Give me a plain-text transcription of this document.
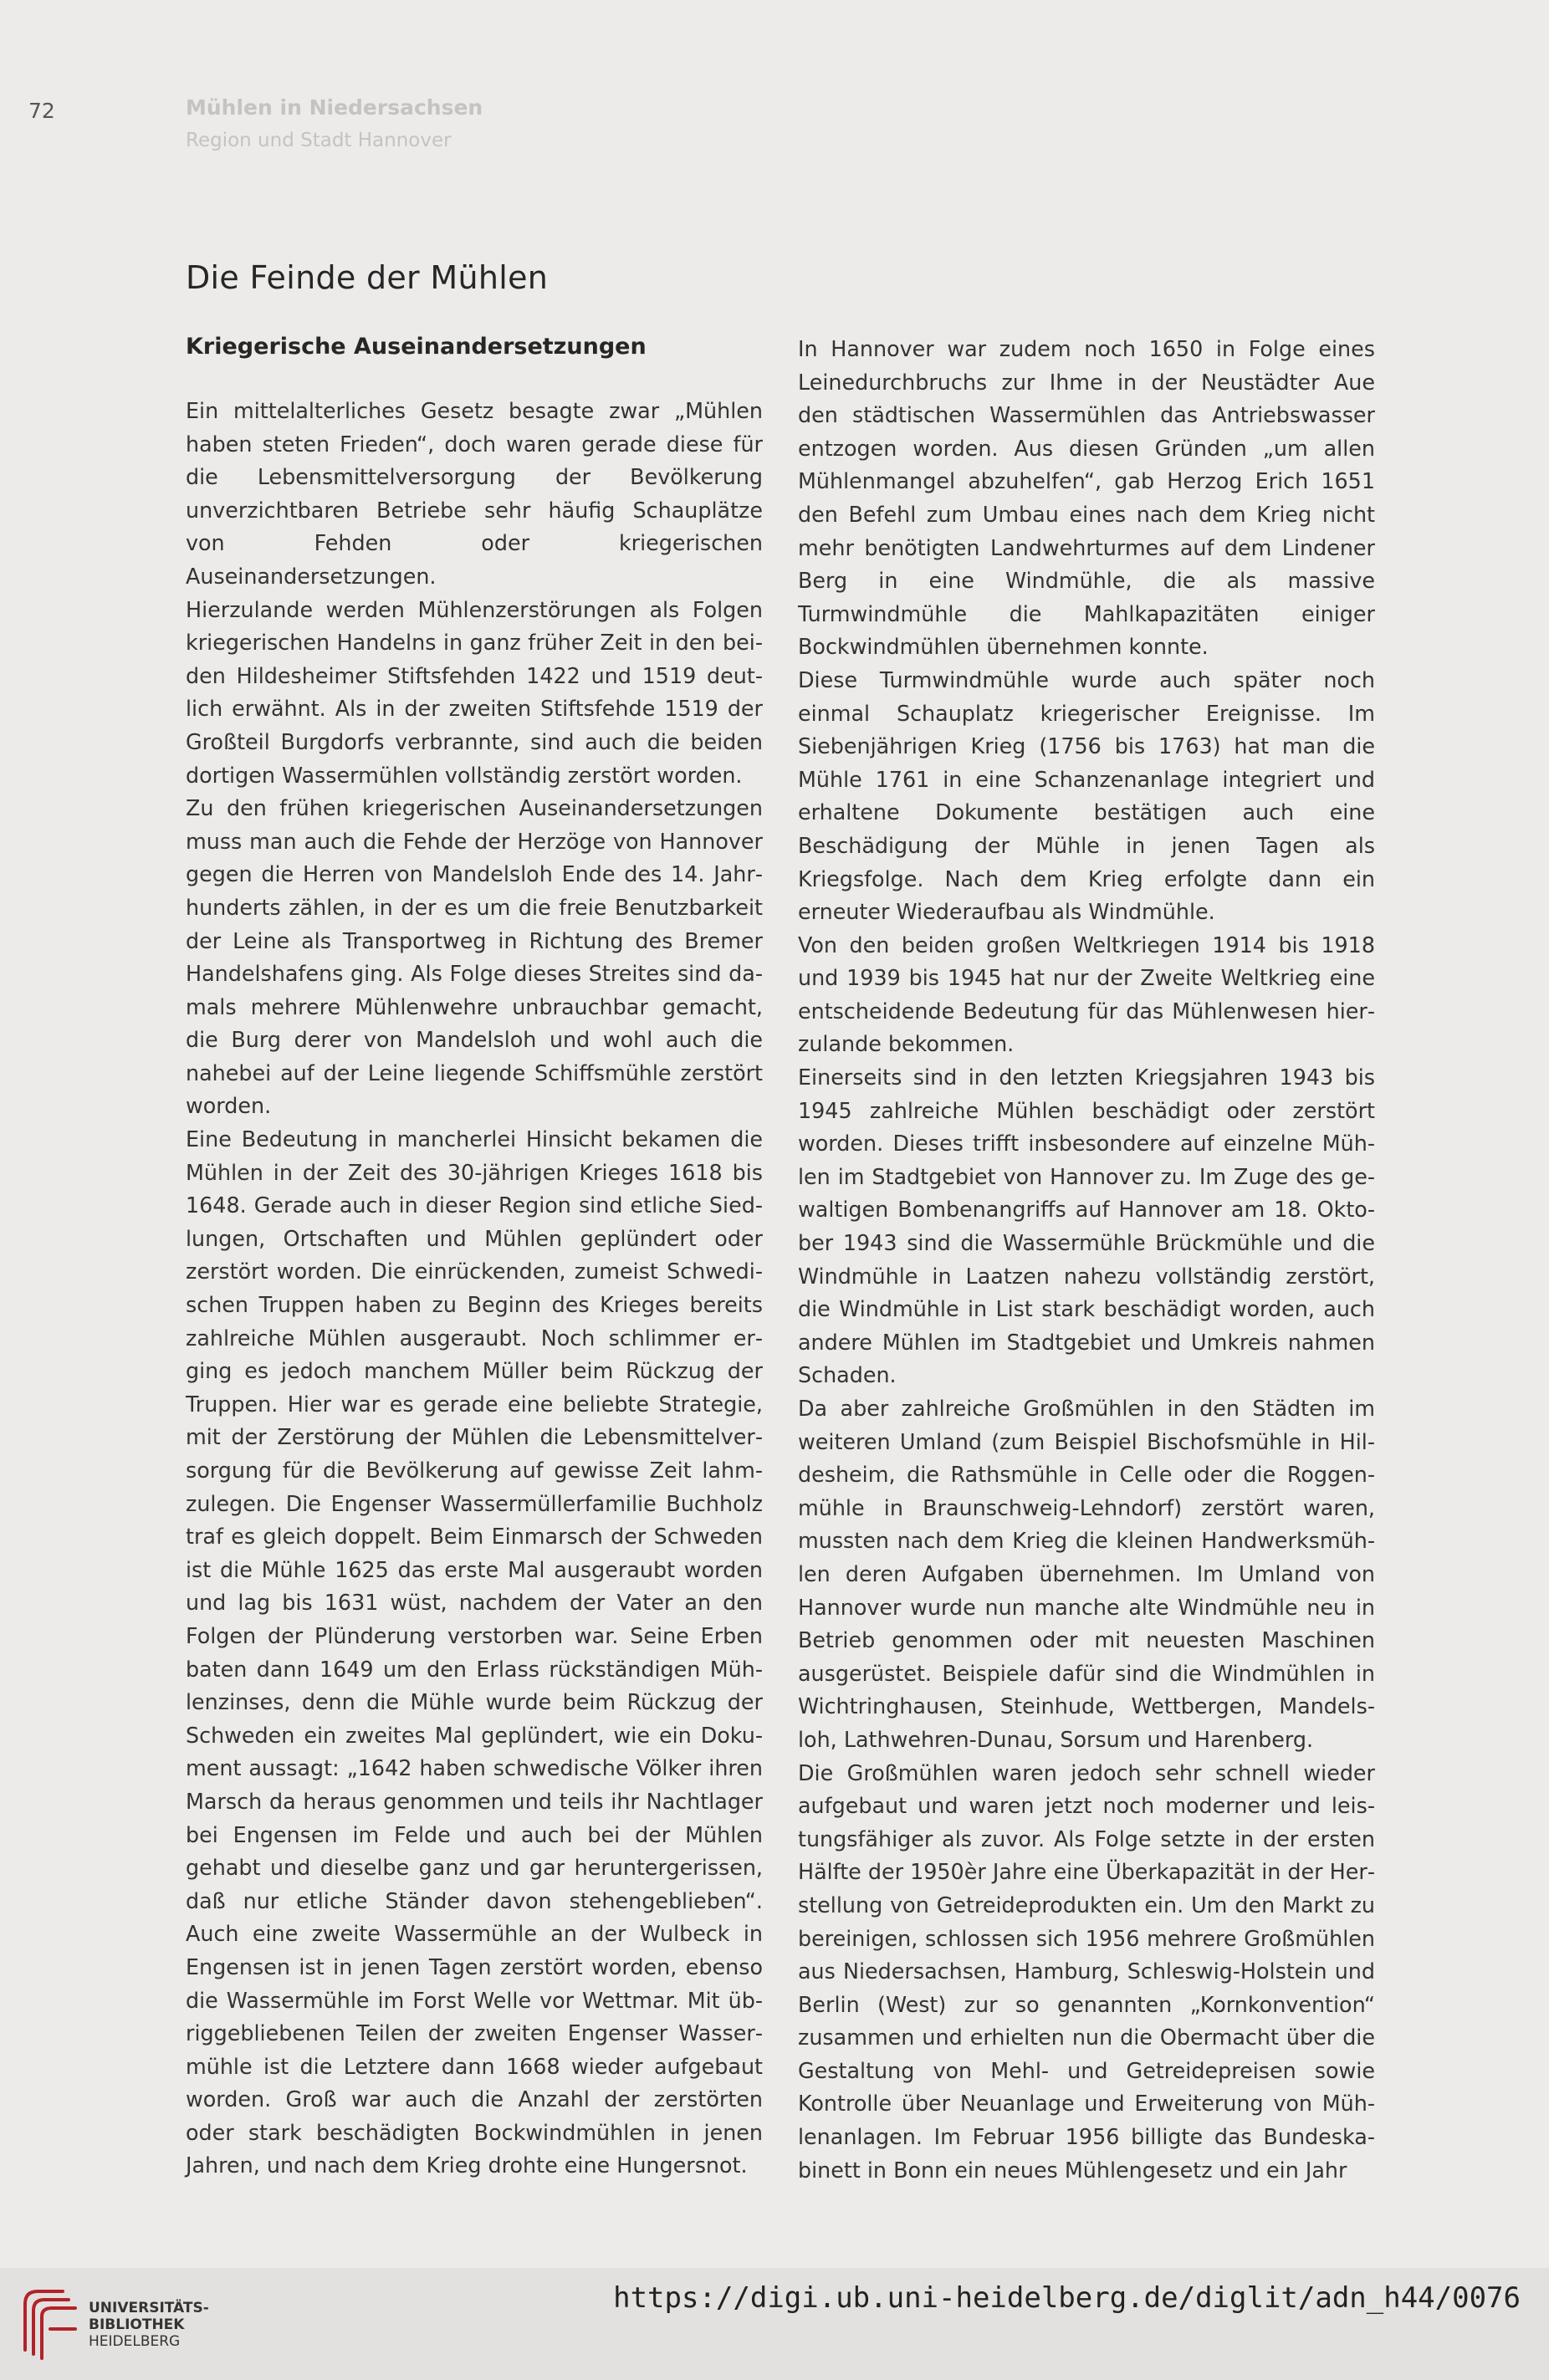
72	Mühlen in Niedersachsen
Region und Stadt Hannover
Die Feinde der Mühlen
Kriegerische Auseinandersetzungen

Ein mittelalterliches Gesetz besagte zwar „Mühlen haben steten Frieden“, doch waren gerade diese für die Lebensmittelversorgung der Bevölkerung unverzichtbaren Betriebe sehr häufig Schauplätze von Fehden oder kriegerischen Auseinandersetzungen.

Hierzulande werden Mühlenzerstörungen als Folgen kriegerischen Handelns in ganz früher Zeit in den beiden Hildesheimer Stiftsfehden 1422 und 1519 deutlich erwähnt. Als in der zweiten Stiftsfehde 1519 der Großteil Burgdorfs verbrannte, sind auch die beiden dortigen Wassermühlen vollständig zerstört worden.

Zu den frühen kriegerischen Auseinandersetzungen muss man auch die Fehde der Herzöge von Hannover gegen die Herren von Mandelsloh Ende des 14. Jahrhunderts zählen, in der es um die freie Benutzbarkeit der Leine als Transportweg in Richtung des Bremer Handelshafens ging. Als Folge dieses Streites sind damals mehrere Mühlenwehre unbrauchbar gemacht, die Burg derer von Mandelsloh und wohl auch die nahebei auf der Leine liegende Schiffsmühle zerstört worden.

Eine Bedeutung in mancherlei Hinsicht bekamen die Mühlen in der Zeit des 30-jährigen Krieges 1618 bis 1648. Gerade auch in dieser Region sind etliche Siedlungen, Ortschaften und Mühlen geplündert oder zerstört worden. Die einrückenden, zumeist Schwedischen Truppen haben zu Beginn des Krieges bereits zahlreiche Mühlen ausgeraubt. Noch schlimmer erging es jedoch manchem Müller beim Rückzug der Truppen. Hier war es gerade eine beliebte Strategie, mit der Zerstörung der Mühlen die Lebensmittelversorgung für die Bevölkerung auf gewisse Zeit lahmzulegen. Die Engenser Wassermüllerfamilie Buchholz traf es gleich doppelt. Beim Einmarsch der Schweden ist die Mühle 1625 das erste Mal ausgeraubt worden und lag bis 1631 wüst, nachdem der Vater an den Folgen der Plünderung verstorben war. Seine Erben baten dann 1649 um den Erlass rückständigen Mühlenzinses, denn die Mühle wurde beim Rückzug der Schweden ein zweites Mal geplündert, wie ein Dokument aussagt: „1642 haben schwedische Völker ihren Marsch da heraus genommen und teils ihr Nachtlager bei Engensen im Felde und auch bei der Mühlen gehabt und dieselbe ganz und gar heruntergerissen, daß nur etliche Ständer davon stehengeblieben“. Auch eine zweite Wassermühle an der Wulbeck in Engensen ist in jenen Tagen zerstört worden, ebenso die Wassermühle im Forst Welle vor Wettmar. Mit übriggebliebenen Teilen der zweiten Engenser Wassermühle ist die Letztere dann 1668 wieder aufgebaut worden. Groß war auch die Anzahl der zerstörten oder stark beschädigten Bockwindmühlen in jenen Jahren, und nach dem Krieg drohte eine Hungersnot.

In Hannover war zudem noch 1650 in Folge eines Leinedurchbruchs zur Ihme in der Neustädter Aue den städtischen Wassermühlen das Antriebswasser entzogen worden. Aus diesen Gründen „um allen Mühlenmangel abzuhelfen“, gab Herzog Erich 1651 den Befehl zum Umbau eines nach dem Krieg nicht mehr benötigten Landwehrturmes auf dem Lindener Berg in eine Windmühle, die als massive Turmwindmühle die Mahlkapazitäten einiger Bockwindmühlen übernehmen konnte.

Diese Turmwindmühle wurde auch später noch einmal Schauplatz kriegerischer Ereignisse. Im Siebenjährigen Krieg (1756 bis 1763) hat man die Mühle 1761 in eine Schanzenanlage integriert und erhaltene Dokumente bestätigen auch eine Beschädigung der Mühle in jenen Tagen als Kriegsfolge. Nach dem Krieg erfolgte dann ein erneuter Wiederaufbau als Windmühle.

Von den beiden großen Weltkriegen 1914 bis 1918 und 1939 bis 1945 hat nur der Zweite Weltkrieg eine entscheidende Bedeutung für das Mühlenwesen hierzulande bekommen.

Einerseits sind in den letzten Kriegsjahren 1943 bis 1945 zahlreiche Mühlen beschädigt oder zerstört worden. Dieses trifft insbesondere auf einzelne Mühlen im Stadtgebiet von Hannover zu. Im Zuge des gewaltigen Bombenangriffs auf Hannover am 18. Oktober 1943 sind die Wassermühle Brückmühle und die Windmühle in Laatzen nahezu vollständig zerstört, die Windmühle in List stark beschädigt worden, auch andere Mühlen im Stadtgebiet und Umkreis nahmen Schaden.

Da aber zahlreiche Großmühlen in den Städten im weiteren Umland (zum Beispiel Bischofsmühle in Hildesheim, die Rathsmühle in Celle oder die Roggenmühle in Braunschweig-Lehndorf) zerstört waren, mussten nach dem Krieg die kleinen Handwerksmühlen deren Aufgaben übernehmen. Im Umland von Hannover wurde nun manche alte Windmühle neu in Betrieb genommen oder mit neuesten Maschinen ausgerüstet. Beispiele dafür sind die Windmühlen in Wichtringhausen, Steinhude, Wettbergen, Mandelsloh, Lathwehren-Dunau, Sorsum und Harenberg.

Die Großmühlen waren jedoch sehr schnell wieder aufgebaut und waren jetzt noch moderner und leistungsfähiger als zuvor. Als Folge setzte in der ersten Hälfte der 1950èr Jahre eine Überkapazität in der Herstellung von Getreideprodukten ein. Um den Markt zu bereinigen, schlossen sich 1956 mehrere Großmühlen aus Niedersachsen, Hamburg, Schleswig-Holstein und Berlin (West) zur so genannten „Kornkonvention“ zusammen und erhielten nun die Obermacht über die Gestaltung von Mehl- und Getreidepreisen sowie Kontrolle über Neuanlage und Erweiterung von Mühlenanlagen. Im Februar 1956 billigte das Bundeskabinett in Bonn ein neues Mühlengesetz und ein Jahr

UNIVERSITÄTS-
BIBLIOTHEK
HEIDELBERG
https://digi.ub.uni-heidelberg.de/diglit/adn_h44/0076
